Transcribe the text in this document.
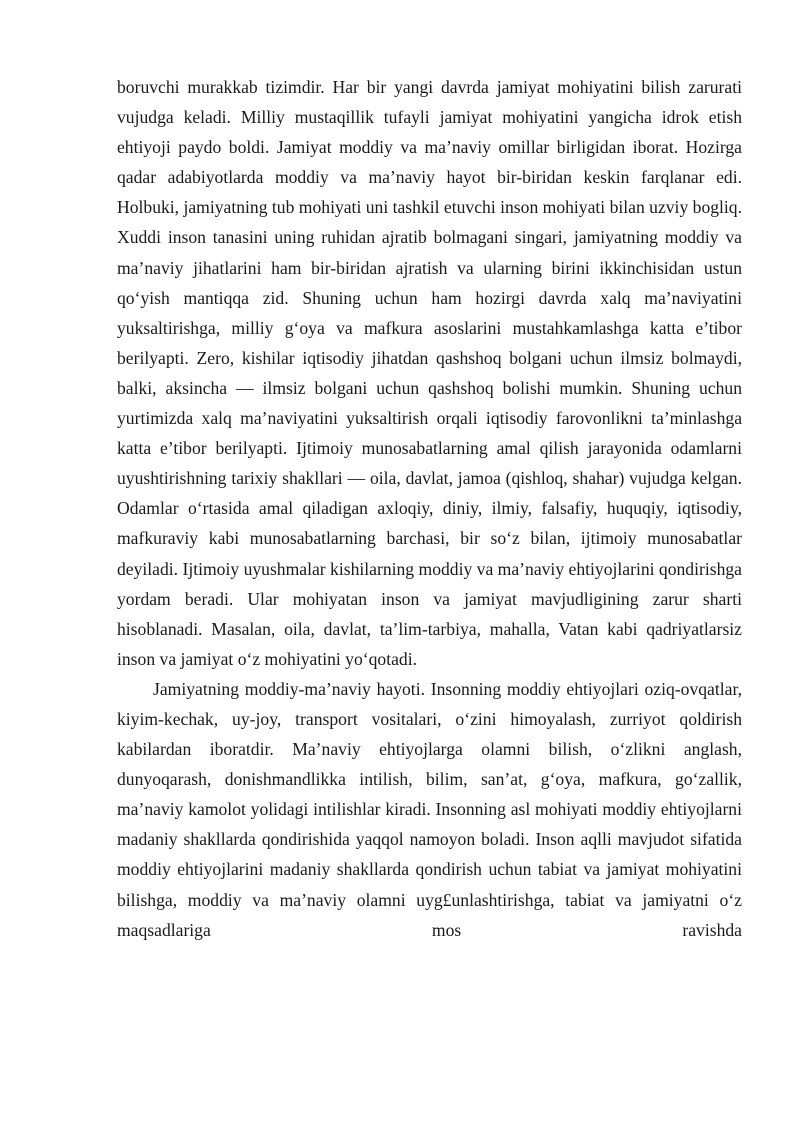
boruvchi murakkab tizimdir. Har bir yangi davrda jamiyat mohiyatini bilish zarurati vujudga keladi. Milliy mustaqillik tufayli jamiyat mohiyatini yangicha idrok etish ehtiyoji paydo boldi. Jamiyat moddiy va ma’naviy omillar birligidan iborat. Hozirga qadar adabiyotlarda moddiy va ma’naviy hayot bir-biridan keskin farqlanar edi. Holbuki, jamiyatning tub mohiyati uni tashkil etuvchi inson mohiyati bilan uzviy bogliq. Xuddi inson tanasini uning ruhidan ajratib bolmagani singari, jamiyatning moddiy va ma’naviy jihatlarini ham bir-biridan ajratish va ularning birini ikkinchisidan ustun qo‘yish mantiqqa zid. Shuning uchun ham hozirgi davrda xalq ma’naviyatini yuksaltirishga, milliy g‘oya va mafkura asoslarini mustahkamlashga katta e’tibor berilyapti. Zero, kishilar iqtisodiy jihatdan qashshoq bolgani uchun ilmsiz bolmaydi, balki, aksincha — ilmsiz bolgani uchun qashshoq bolishi mumkin. Shuning uchun yurtimizda xalq ma’naviyatini yuksaltirish orqali iqtisodiy farovonlikni ta’minlashga katta e’tibor berilyapti. Ijtimoiy munosabatlarning amal qilish jarayonida odamlarni uyushtirishning tarixiy shakllari — oila, davlat, jamoa (qishloq, shahar) vujudga kelgan. Odamlar o‘rtasida amal qiladigan axloqiy, diniy, ilmiy, falsafiy, huquqiy, iqtisodiy, mafkuraviy kabi munosabatlarning barchasi, bir so‘z bilan, ijtimoiy munosabatlar deyiladi. Ijtimoiy uyushmalar kishilarning moddiy va ma’naviy ehtiyojlarini qondirishga yordam beradi. Ular mohiyatan inson va jamiyat mavjudligining zarur sharti hisoblanadi. Masalan, oila, davlat, ta’lim-tarbiya, mahalla, Vatan kabi qadriyatlarsiz inson va jamiyat o‘z mohiyatini yo‘qotadi.

Jamiyatning moddiy-ma’naviy hayoti. Insonning moddiy ehtiyojlari oziq-ovqatlar, kiyim-kechak, uy-joy, transport vositalari, o‘zini himoyalash, zurriyot qoldirish kabilardan iboratdir. Ma’naviy ehtiyojlarga olamni bilish, o‘zlikni anglash, dunyoqarash, donishmandlikka intilish, bilim, san’at, g‘oya, mafkura, go‘zallik, ma’naviy kamolot yolidagi intilishlar kiradi. Insonning asl mohiyati moddiy ehtiyojlarni madaniy shakllarda qondirishida yaqqol namoyon boladi. Inson aqlli mavjudot sifatida moddiy ehtiyojlarini madaniy shakllarda qondirish uchun tabiat va jamiyat mohiyatini bilishga, moddiy va ma’naviy olamni uyg£unlashtirishga, tabiat va jamiyatni o‘z maqsadlariga mos ravishda
